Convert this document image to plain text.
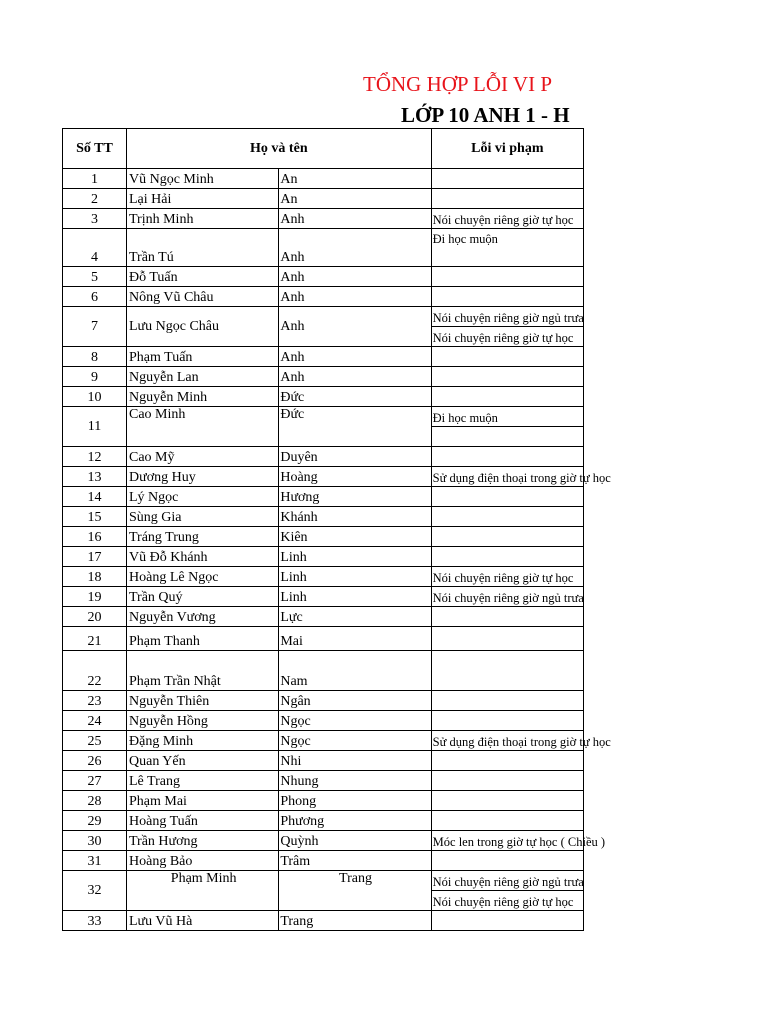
TỔNG HỢP LỖI VI P
LỚP 10 ANH 1 - H
Số TT	Họ và tên		Lỗi vi phạm
1	Vũ Ngọc Minh	An	
2	Lại Hải	An	
3	Trịnh Minh	Anh	Nói chuyện riêng giờ tự học
4	Trần Tú	Anh	Đi học muộn
5	Đỗ Tuấn	Anh	
6	Nông Vũ Châu	Anh	
7	Lưu Ngọc Châu	Anh	Nói chuyện riêng giờ ngủ trưa
			Nói chuyện riêng giờ tự học
8	Phạm Tuấn	Anh	
9	Nguyễn Lan	Anh	
10	Nguyễn Minh	Đức	
11	Cao Minh	Đức	Đi học muộn

12	Cao Mỹ	Duyên	
13	Dương Huy	Hoàng	Sử dụng điện thoại trong giờ tự học
14	Lý Ngọc	Hương	
15	Sùng Gia	Khánh	
16	Tráng Trung	Kiên	
17	Vũ Đỗ Khánh	Linh	
18	Hoàng Lê Ngọc	Linh	Nói chuyện riêng giờ tự học
19	Trần Quý	Linh	Nói chuyện riêng giờ ngủ trưa
20	Nguyễn Vương	Lực	
21	Phạm Thanh	Mai	
22	Phạm Trần Nhật	Nam	
23	Nguyễn Thiên	Ngân	
24	Nguyễn Hồng	Ngọc	
25	Đặng Minh	Ngọc	Sử dụng điện thoại trong giờ tự học
26	Quan Yến	Nhi	
27	Lê Trang	Nhung	
28	Phạm Mai	Phong	
29	Hoàng Tuấn	Phương	
30	Trần Hương	Quỳnh	Móc len trong giờ tự học ( Chiều )
31	Hoàng Bảo	Trâm	
32	Phạm Minh	Trang	Nói chuyện riêng giờ ngủ trưa
			Nói chuyện riêng giờ tự học
33	Lưu Vũ Hà	Trang	
